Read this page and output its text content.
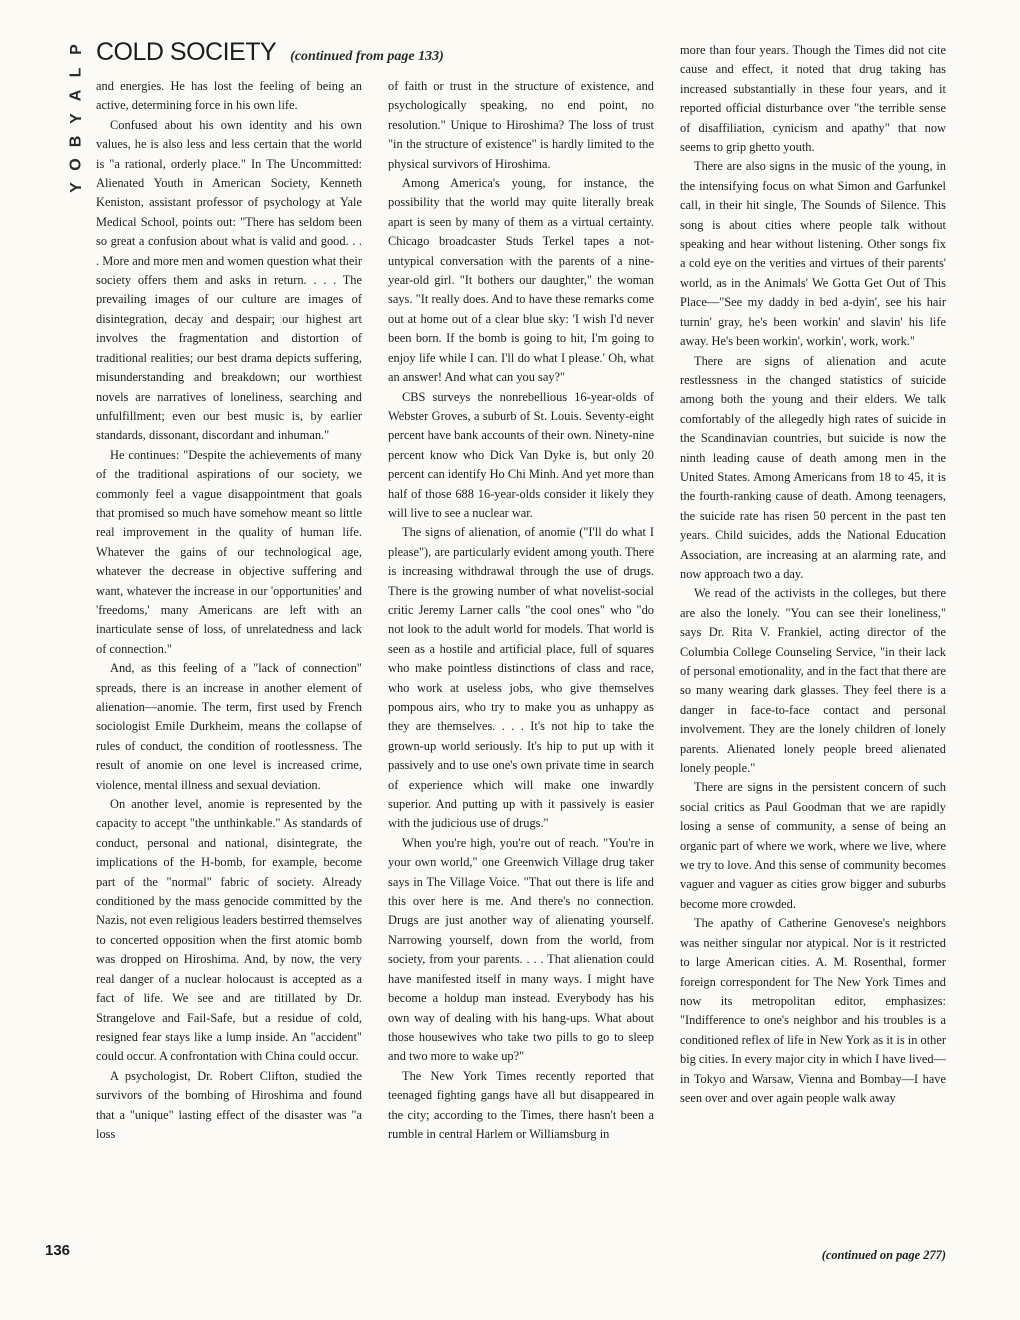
P
L
A
Y
B
O
Y
COLD SOCIETY (continued from page 133)

and energies. He has lost the feeling of being an active, determining force in his own life.

Confused about his own identity and his own values, he is also less and less certain that the world is "a rational, orderly place." In The Uncommitted: Alienated Youth in American Society, Kenneth Keniston, assistant professor of psychology at Yale Medical School, points out: "There has seldom been so great a confusion about what is valid and good. . . . More and more men and women question what their society offers them and asks in return. . . . The prevailing images of our culture are images of disintegration, decay and despair; our highest art involves the fragmentation and distortion of traditional realities; our best drama depicts suffering, misunderstanding and breakdown; our worthiest novels are narratives of loneliness, searching and unfulfillment; even our best music is, by earlier standards, dissonant, discordant and inhuman."

He continues: "Despite the achievements of many of the traditional aspirations of our society, we commonly feel a vague disappointment that goals that promised so much have somehow meant so little real improvement in the quality of human life. Whatever the gains of our technological age, whatever the decrease in objective suffering and want, whatever the increase in our 'opportunities' and 'freedoms,' many Americans are left with an inarticulate sense of loss, of unrelatedness and lack of connection."

And, as this feeling of a "lack of connection" spreads, there is an increase in another element of alienation—anomie. The term, first used by French sociologist Emile Durkheim, means the collapse of rules of conduct, the condition of rootlessness. The result of anomie on one level is increased crime, violence, mental illness and sexual deviation.

On another level, anomie is represented by the capacity to accept "the unthinkable." As standards of conduct, personal and national, disintegrate, the implications of the H-bomb, for example, become part of the "normal" fabric of society. Already conditioned by the mass genocide committed by the Nazis, not even religious leaders bestirred themselves to concerted opposition when the first atomic bomb was dropped on Hiroshima. And, by now, the very real danger of a nuclear holocaust is accepted as a fact of life. We see and are titillated by Dr. Strangelove and Fail-Safe, but a residue of cold, resigned fear stays like a lump inside. An "accident" could occur. A confrontation with China could occur.

A psychologist, Dr. Robert Clifton, studied the survivors of the bombing of Hiroshima and found that a "unique" lasting effect of the disaster was "a loss

of faith or trust in the structure of existence, and psychologically speaking, no end point, no resolution." Unique to Hiroshima? The loss of trust "in the structure of existence" is hardly limited to the physical survivors of Hiroshima.

Among America's young, for instance, the possibility that the world may quite literally break apart is seen by many of them as a virtual certainty. Chicago broadcaster Studs Terkel tapes a not-untypical conversation with the parents of a nine-year-old girl. "It bothers our daughter," the woman says. "It really does. And to have these remarks come out at home out of a clear blue sky: 'I wish I'd never been born. If the bomb is going to hit, I'm going to enjoy life while I can. I'll do what I please.' Oh, what an answer! And what can you say?"

CBS surveys the nonrebellious 16-year-olds of Webster Groves, a suburb of St. Louis. Seventy-eight percent have bank accounts of their own. Ninety-nine percent know who Dick Van Dyke is, but only 20 percent can identify Ho Chi Minh. And yet more than half of those 688 16-year-olds consider it likely they will live to see a nuclear war.

The signs of alienation, of anomie ("I'll do what I please"), are particularly evident among youth. There is increasing withdrawal through the use of drugs. There is the growing number of what novelist-social critic Jeremy Larner calls "the cool ones" who "do not look to the adult world for models. That world is seen as a hostile and artificial place, full of squares who make pointless distinctions of class and race, who work at useless jobs, who give themselves pompous airs, who try to make you as unhappy as they are themselves. . . . It's not hip to take the grown-up world seriously. It's hip to put up with it passively and to use one's own private time in search of experience which will make one inwardly superior. And putting up with it passively is easier with the judicious use of drugs."

When you're high, you're out of reach. "You're in your own world," one Greenwich Village drug taker says in The Village Voice. "That out there is life and this over here is me. And there's no connection. Drugs are just another way of alienating yourself. Narrowing yourself, down from the world, from society, from your parents. . . . That alienation could have manifested itself in many ways. I might have become a holdup man instead. Everybody has his own way of dealing with his hang-ups. What about those housewives who take two pills to go to sleep and two more to wake up?"

The New York Times recently reported that teenaged fighting gangs have all but disappeared in the city; according to the Times, there hasn't been a rumble in central Harlem or Williamsburg in

more than four years. Though the Times did not cite cause and effect, it noted that drug taking has increased substantially in these four years, and it reported official disturbance over "the terrible sense of disaffiliation, cynicism and apathy" that now seems to grip ghetto youth.

There are also signs in the music of the young, in the intensifying focus on what Simon and Garfunkel call, in their hit single, The Sounds of Silence. This song is about cities where people talk without speaking and hear without listening. Other songs fix a cold eye on the verities and virtues of their parents' world, as in the Animals' We Gotta Get Out of This Place—"See my daddy in bed a-dyin', see his hair turnin' gray, he's been workin' and slavin' his life away. He's been workin', workin', work, work."

There are signs of alienation and acute restlessness in the changed statistics of suicide among both the young and their elders. We talk comfortably of the allegedly high rates of suicide in the Scandinavian countries, but suicide is now the ninth leading cause of death among men in the United States. Among Americans from 18 to 45, it is the fourth-ranking cause of death. Among teenagers, the suicide rate has risen 50 percent in the past ten years. Child suicides, adds the National Education Association, are increasing at an alarming rate, and now approach two a day.

We read of the activists in the colleges, but there are also the lonely. "You can see their loneliness," says Dr. Rita V. Frankiel, acting director of the Columbia College Counseling Service, "in their lack of personal emotionality, and in the fact that there are so many wearing dark glasses. They feel there is a danger in face-to-face contact and personal involvement. They are the lonely children of lonely parents. Alienated lonely people breed alienated lonely people."

There are signs in the persistent concern of such social critics as Paul Goodman that we are rapidly losing a sense of community, a sense of being an organic part of where we work, where we live, where we try to love. And this sense of community becomes vaguer and vaguer as cities grow bigger and suburbs become more crowded.

The apathy of Catherine Genovese's neighbors was neither singular nor atypical. Nor is it restricted to large American cities. A. M. Rosenthal, former foreign correspondent for The New York Times and now its metropolitan editor, emphasizes: "Indifference to one's neighbor and his troubles is a conditioned reflex of life in New York as it is in other big cities. In every major city in which I have lived—in Tokyo and Warsaw, Vienna and Bombay—I have seen over and over again people walk away

(continued on page 277)
136
